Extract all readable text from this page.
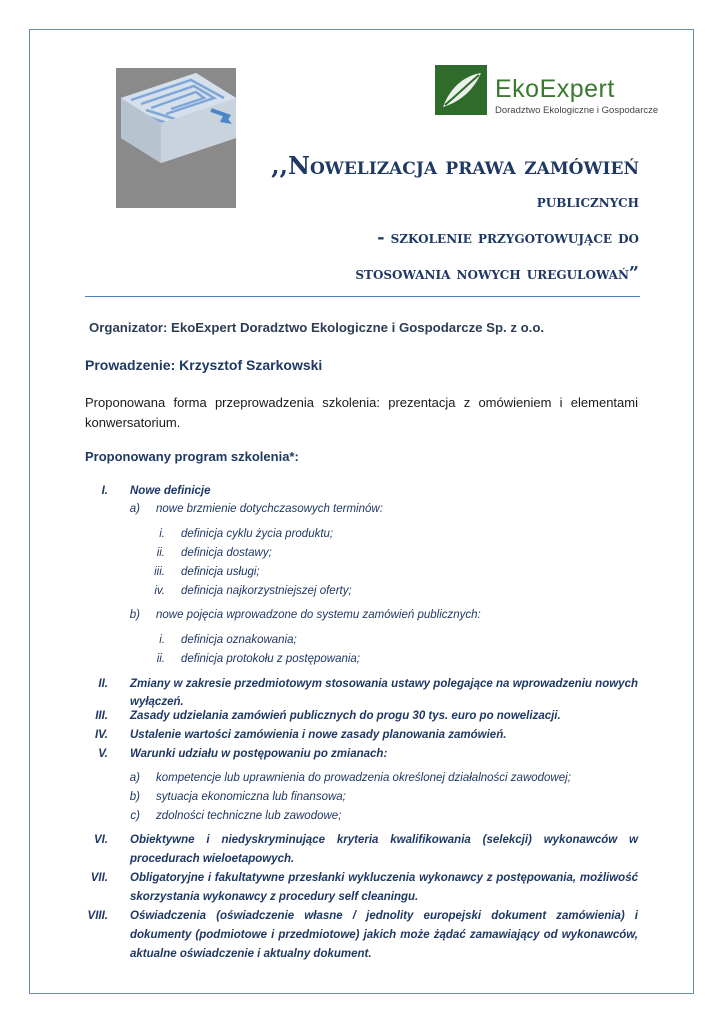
EkoExpert
Doradztwo Ekologiczne i Gospodarcze
,,Nowelizacja prawa zamówień
publicznych
- szkolenie przygotowujące do
stosowania nowych uregulowań”
Organizator: EkoExpert Doradztwo Ekologiczne i Gospodarcze Sp. z o.o.
Prowadzenie: Krzysztof Szarkowski
Proponowana forma przeprowadzenia szkolenia: prezentacja z omówieniem i elementami konwersatorium.
Proponowany program szkolenia*:
I. Nowe definicje
a) nowe brzmienie dotychczasowych terminów:
i. definicja cyklu życia produktu;
ii. definicja dostawy;
iii. definicja usługi;
iv. definicja najkorzystniejszej oferty;
b) nowe pojęcia wprowadzone do systemu zamówień publicznych:
i. definicja oznakowania;
ii. definicja protokołu z postępowania;
II. Zmiany w zakresie przedmiotowym stosowania ustawy polegające na wprowadzeniu nowych wyłączeń.
III. Zasady udzielania zamówień publicznych do progu 30 tys. euro po nowelizacji.
IV. Ustalenie wartości zamówienia i nowe zasady planowania zamówień.
V. Warunki udziału w postępowaniu po zmianach:
a) kompetencje lub uprawnienia do prowadzenia określonej działalności zawodowej;
b) sytuacja ekonomiczna lub finansowa;
c) zdolności techniczne lub zawodowe;
VI. Obiektywne i niedyskryminujące kryteria kwalifikowania (selekcji) wykonawców w procedurach wieloetapowych.
VII. Obligatoryjne i fakultatywne przesłanki wykluczenia wykonawcy z postępowania, możliwość skorzystania wykonawcy z procedury self cleaningu.
VIII. Oświadczenia (oświadczenie własne / jednolity europejski dokument zamówienia) i dokumenty (podmiotowe i przedmiotowe) jakich może żądać zamawiający od wykonawców, aktualne oświadczenie i aktualny dokument.
